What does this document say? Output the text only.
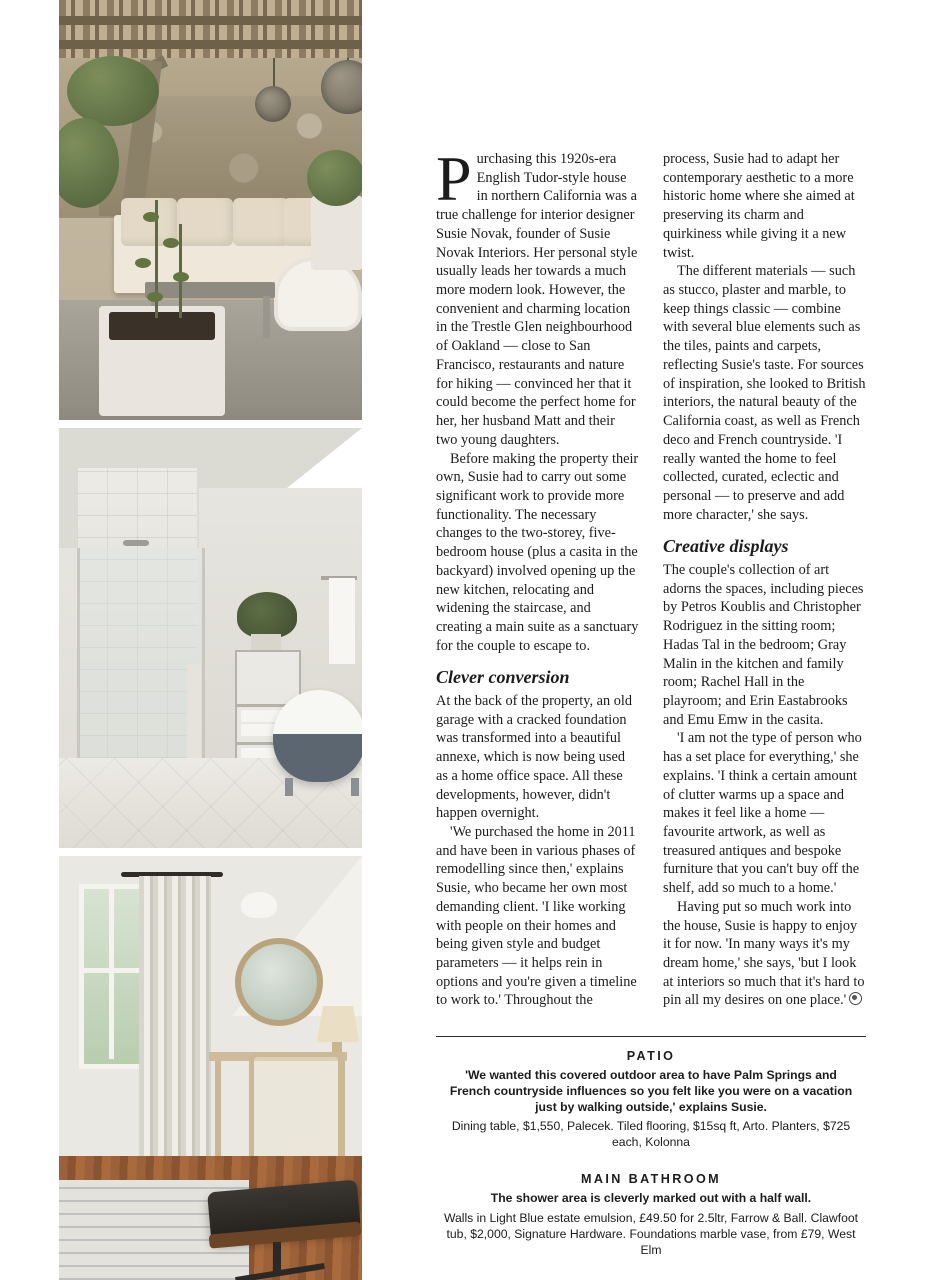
Purchasing this 1920s-era English Tudor-style house in northern California was a true challenge for interior designer Susie Novak, founder of Susie Novak Interiors. Her personal style usually leads her towards a much more modern look. However, the convenient and charming location in the Trestle Glen neighbourhood of Oakland — close to San Francisco, restaurants and nature for hiking — convinced her that it could become the perfect home for her, her husband Matt and their two young daughters.

Before making the property their own, Susie had to carry out some significant work to provide more functionality. The necessary changes to the two-storey, five-bedroom house (plus a casita in the backyard) involved opening up the new kitchen, relocating and widening the staircase, and creating a main suite as a sanctuary for the couple to escape to.

Clever conversion

At the back of the property, an old garage with a cracked foundation was transformed into a beautiful annexe, which is now being used as a home office space. All these developments, however, didn't happen overnight.

'We purchased the home in 2011 and have been in various phases of remodelling since then,' explains Susie, who became her own most demanding client. 'I like working with people on their homes and being given style and budget parameters — it helps rein in options and you're given a timeline to work to.' Throughout the process, Susie had to adapt her contemporary aesthetic to a more historic home where she aimed at preserving its charm and quirkiness while giving it a new twist.

The different materials — such as stucco, plaster and marble, to keep things classic — combine with several blue elements such as the tiles, paints and carpets, reflecting Susie's taste. For sources of inspiration, she looked to British interiors, the natural beauty of the California coast, as well as French deco and French countryside. 'I really wanted the home to feel collected, curated, eclectic and personal — to preserve and add more character,' she says.

Creative displays

The couple's collection of art adorns the spaces, including pieces by Petros Koublis and Christopher Rodriguez in the sitting room; Hadas Tal in the bedroom; Gray Malin in the kitchen and family room; Rachel Hall in the playroom; and Erin Eastabrooks and Emu Emw in the casita.

'I am not the type of person who has a set place for everything,' she explains. 'I think a certain amount of clutter warms up a space and makes it feel like a home — favourite artwork, as well as treasured antiques and bespoke furniture that you can't buy off the shelf, add so much to a home.'

Having put so much work into the house, Susie is happy to enjoy it for now. 'In many ways it's my dream home,' she says, 'but I look at interiors so much that it's hard to pin all my desires on one place.'

PATIO
'We wanted this covered outdoor area to have Palm Springs and French countryside influences so you felt like you were on a vacation just by walking outside,' explains Susie.
Dining table, $1,550, Palecek. Tiled flooring, $15sq ft, Arto. Planters, $725 each, Kolonna
MAIN BATHROOM
The shower area is cleverly marked out with a half wall.
Walls in Light Blue estate emulsion, £49.50 for 2.5ltr, Farrow & Ball. Clawfoot tub, $2,000, Signature Hardware. Foundations marble vase, from £79, West Elm
